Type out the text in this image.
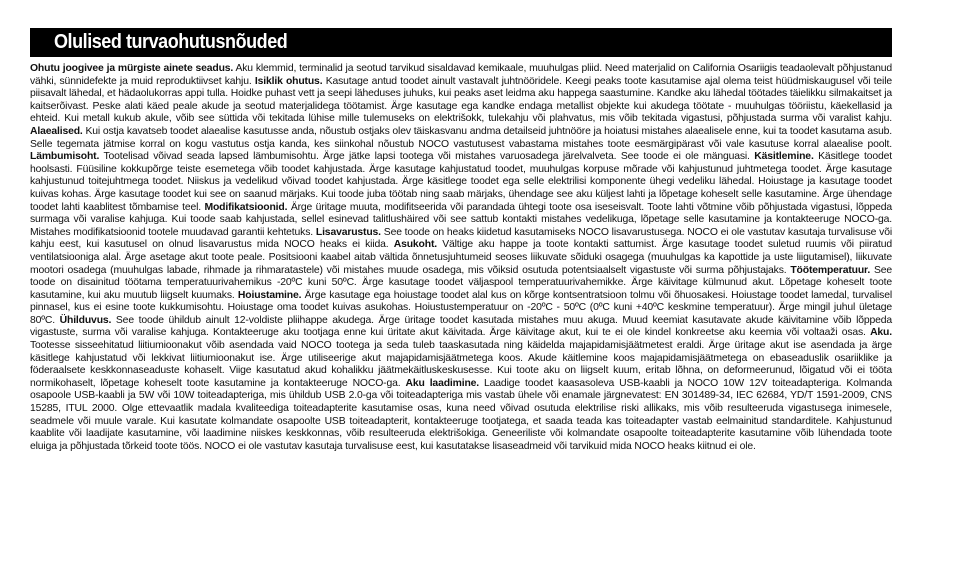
Olulised turvaohutusnõuded

Ohutu joogivee ja mürgiste ainete seadus. Aku klemmid, terminalid ja seotud tarvikud sisaldavad kemikaale, muuhulgas pliid. Need materjalid on California Osariigis teadaolevalt põhjustanud vähki, sünnidefekte ja muid reproduktiivset kahju. Isiklik ohutus. Kasutage antud toodet ainult vastavalt juhtnööridele. Keegi peaks toote kasutamise ajal olema teist hüüdmiskaugusel või teile piisavalt lähedal, et hädaolukorras appi tulla. Hoidke puhast vett ja seepi läheduses juhuks, kui peaks aset leidma aku happega saastumine. Kandke aku lähedal töötades täielikku silmakaitset ja kaitserõivast. Peske alati käed peale akude ja seotud materjalidega töötamist. Ärge kasutage ega kandke endaga metallist objekte kui akudega töötate - muuhulgas tööriistu, käekellasid ja ehteid. Kui metall kukub akule, võib see süttida või tekitada lühise mille tulemuseks on elektrišokk, tulekahju või plahvatus, mis võib tekitada vigastusi, põhjustada surma või varalist kahju. Alaealised. Kui ostja kavatseb toodet alaealise kasutusse anda, nõustub ostjaks olev täiskasvanu andma detailseid juhtnööre ja hoiatusi mistahes alaealisele enne, kui ta toodet kasutama asub. Selle tegemata jätmise korral on kogu vastutus ostja kanda, kes siinkohal nõustub NOCO vastutusest vabastama mistahes toote eesmärgipärast või vale kasutuse korral alaealise poolt. Lämbumisoht. Tootelisad võivad seada lapsed lämbumisohtu. Ärge jätke lapsi tootega või mistahes varuosadega järelvalveta. See toode ei ole mänguasi. Käsitlemine. Käsitlege toodet hoolsasti. Füüsiline kokkupõrge teiste esemetega võib toodet kahjustada. Ärge kasutage kahjustatud toodet, muuhulgas korpuse mõrade või kahjustunud juhtmetega toodet. Ärge kasutage kahjustunud toitejuhtmega toodet. Niiskus ja vedelikud võivad toodet kahjustada. Ärge käsitlege toodet ega selle elektrilisi komponente ühegi vedeliku lähedal. Hoiustage ja kasutage toodet kuivas kohas. Ärge kasutage toodet kui see on saanud märjaks. Kui toode juba töötab ning saab märjaks, ühendage see aku küljest lahti ja lõpetage koheselt selle kasutamine. Ärge ühendage toodet lahti kaablitest tõmbamise teel. Modifikatsioonid. Ärge üritage muuta, modifitseerida või parandada ühtegi toote osa iseseisvalt. Toote lahti võtmine võib põhjustada vigastusi, lõppeda surmaga või varalise kahjuga. Kui toode saab kahjustada, sellel esinevad talitlushäired või see sattub kontakti mistahes vedelikuga, lõpetage selle kasutamine ja kontakteeruge NOCO-ga. Mistahes modifikatsioonid tootele muudavad garantii kehtetuks. Lisavarustus. See toode on heaks kiidetud kasutamiseks NOCO lisavarustusega. NOCO ei ole vastutav kasutaja turvalisuse või kahju eest, kui kasutusel on olnud lisavarustus mida NOCO heaks ei kiida. Asukoht. Vältige aku happe ja toote kontakti sattumist. Ärge kasutage toodet suletud ruumis või piiratud ventilatsiooniga alal. Ärge asetage akut toote peale. Positsiooni kaabel aitab vältida õnnetusjuhtumeid seoses liikuvate sõiduki osagega (muuhulgas ka kapottide ja uste liigutamisel), liikuvate mootori osadega (muuhulgas labade, rihmade ja rihmaratastele) või mistahes muude osadega, mis võiksid osutuda potentsiaalselt vigastuste või surma põhjustajaks. Töötemperatuur. See toode on disainitud töötama temperatuurivahemikus -20ºC kuni 50ºC. Ärge kasutage toodet väljaspool temperatuurivahemikke. Ärge käivitage külmunud akut. Lõpetage koheselt toote kasutamine, kui aku muutub liigselt kuumaks. Hoiustamine. Ärge kasutage ega hoiustage toodet alal kus on kõrge kontsentratsioon tolmu või õhuosakesi. Hoiustage toodet lamedal, turvalisel pinnasel, kus ei esine toote kukkumisohtu. Hoiustage oma toodet kuivas asukohas. Hoiustustemperatuur on -20ºC - 50ºC (0ºC kuni +40ºC keskmine temperatuur). Ärge mingil juhul ületage 80ºC. Ühilduvus. See toode ühildub ainult 12-voldiste pliihappe akudega. Ärge üritage toodet kasutada mistahes muu akuga. Muud keemiat kasutavate akude käivitamine võib lõppeda vigastuste, surma või varalise kahjuga. Kontakteeruge aku tootjaga enne kui üritate akut käivitada. Ärge käivitage akut, kui te ei ole kindel konkreetse aku keemia või voltaaži osas. Aku. Tootesse sisseehitatud liitiumioonakut võib asendada vaid NOCO tootega ja seda tuleb taaskasutada ning käidelda majapidamisjäätmetest eraldi. Ärge üritage akut ise asendada ja ärge käsitlege kahjustatud või lekkivat liitiumioonakut ise. Ärge utiliseerige akut majapidamisjäätmetega koos. Akude käitlemine koos majapidamisjäätmetega on ebaseaduslik osariiklike ja föderaalsete keskkonnaseaduste kohaselt. Viige kasutatud akud kohalikku jäätmekäitluskeskusesse. Kui toote aku on liigselt kuum, eritab lõhna, on deformeerunud, lõigatud või ei tööta normikohaselt, lõpetage koheselt toote kasutamine ja kontakteeruge NOCO-ga. Aku laadimine. Laadige toodet kaasasoleva USB-kaabli ja NOCO 10W 12V toiteadapteriga. Kolmanda osapoole USB-kaabli ja 5W või 10W toiteadapteriga, mis ühildub USB 2.0-ga või toiteadapteriga mis vastab ühele või enamale järgnevatest: EN 301489-34, IEC 62684, YD/T 1591-2009, CNS 15285, ITUL 2000. Olge ettevaatlik madala kvaliteediga toiteadapterite kasutamise osas, kuna need võivad osutuda elektrilise riski allikaks, mis võib resulteeruda vigastusega inimesele, seadmele või muule varale. Kui kasutate kolmandate osapoolte USB toiteadapterit, kontakteeruge tootjatega, et saada teada kas toiteadapter vastab eelmainitud standarditele. Kahjustunud kaablite või laadijate kasutamine, või laadimine niiskes keskkonnas, võib resulteeruda elektrišokiga. Geneeriliste või kolmandate osapoolte toiteadapterite kasutamine võib lühendada toote eluiga ja põhjustada tõrkeid toote töös. NOCO ei ole vastutav kasutaja turvalisuse eest, kui kasutatakse lisaseadmeid või tarvikuid mida NOCO heaks kiitnud ei ole.
